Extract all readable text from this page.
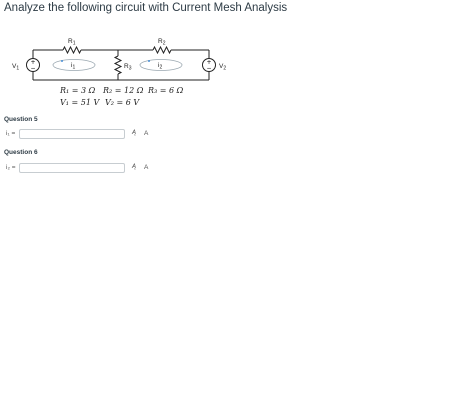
Analyze the following circuit with Current Mesh Analysis
+
−
+
−
$R_1$	$R_2$
$R_3$
$V_1$	$V_2$
$i_1$	$i_2$
R₁ = 3 Ω R₂ = 12 Ω R₃ = 6 Ω
V₁ = 51 V V₂ = 6 V
Question 5
i₁ =	Ą A
Question 6
i₂ =	Ą A
